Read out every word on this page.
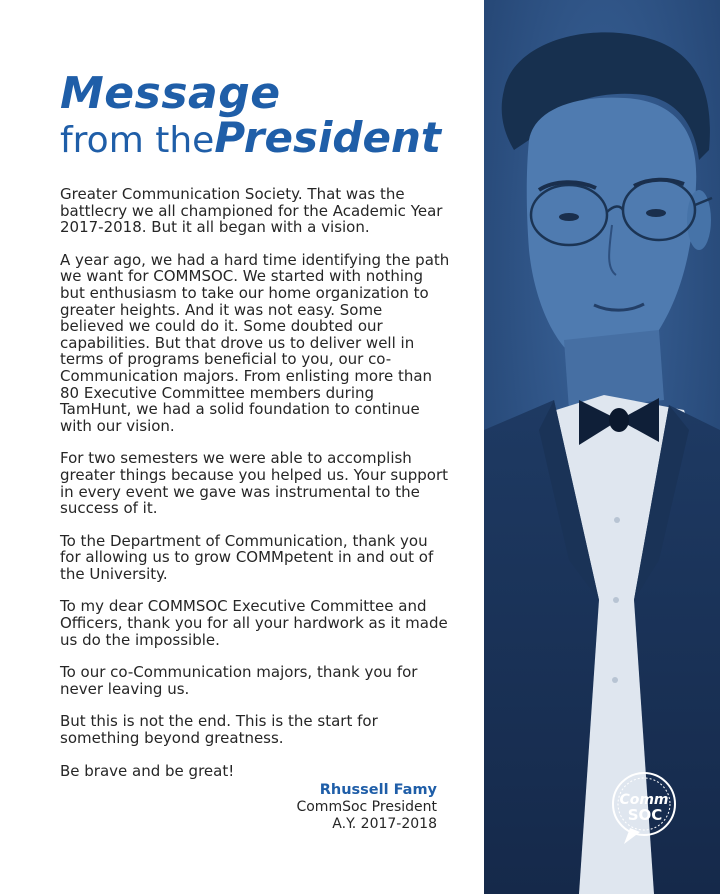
Message
from thePresident

Greater Communication Society. That was the battlecry we all championed for the Academic Year 2017-2018. But it all began with a vision.

A year ago, we had a hard time identifying the path we want for COMMSOC. We started with nothing but enthusiasm to take our home organization to greater heights. And it was not easy. Some believed we could do it. Some doubted our capabilities. But that drove us to deliver well in terms of programs beneficial to you, our co-Communication majors. From enlisting more than 80 Executive Committee members during TamHunt, we had a solid foundation to continue with our vision.

For two semesters we were able to accomplish greater things because you helped us. Your support in every event we gave was instrumental to the success of it.

To the Department of Communication, thank you for allowing us to grow COMMpetent in and out of the University.

To my dear COMMSOC Executive Committee and Officers, thank you for all your hardwork as it made us do the impossible.

To our co-Communication majors, thank you for never leaving us.

But this is not the end. This is the start for something beyond greatness.

Be brave and be great!

Rhussell Famy
CommSoc President
A.Y. 2017-2018
Comm
SOC
